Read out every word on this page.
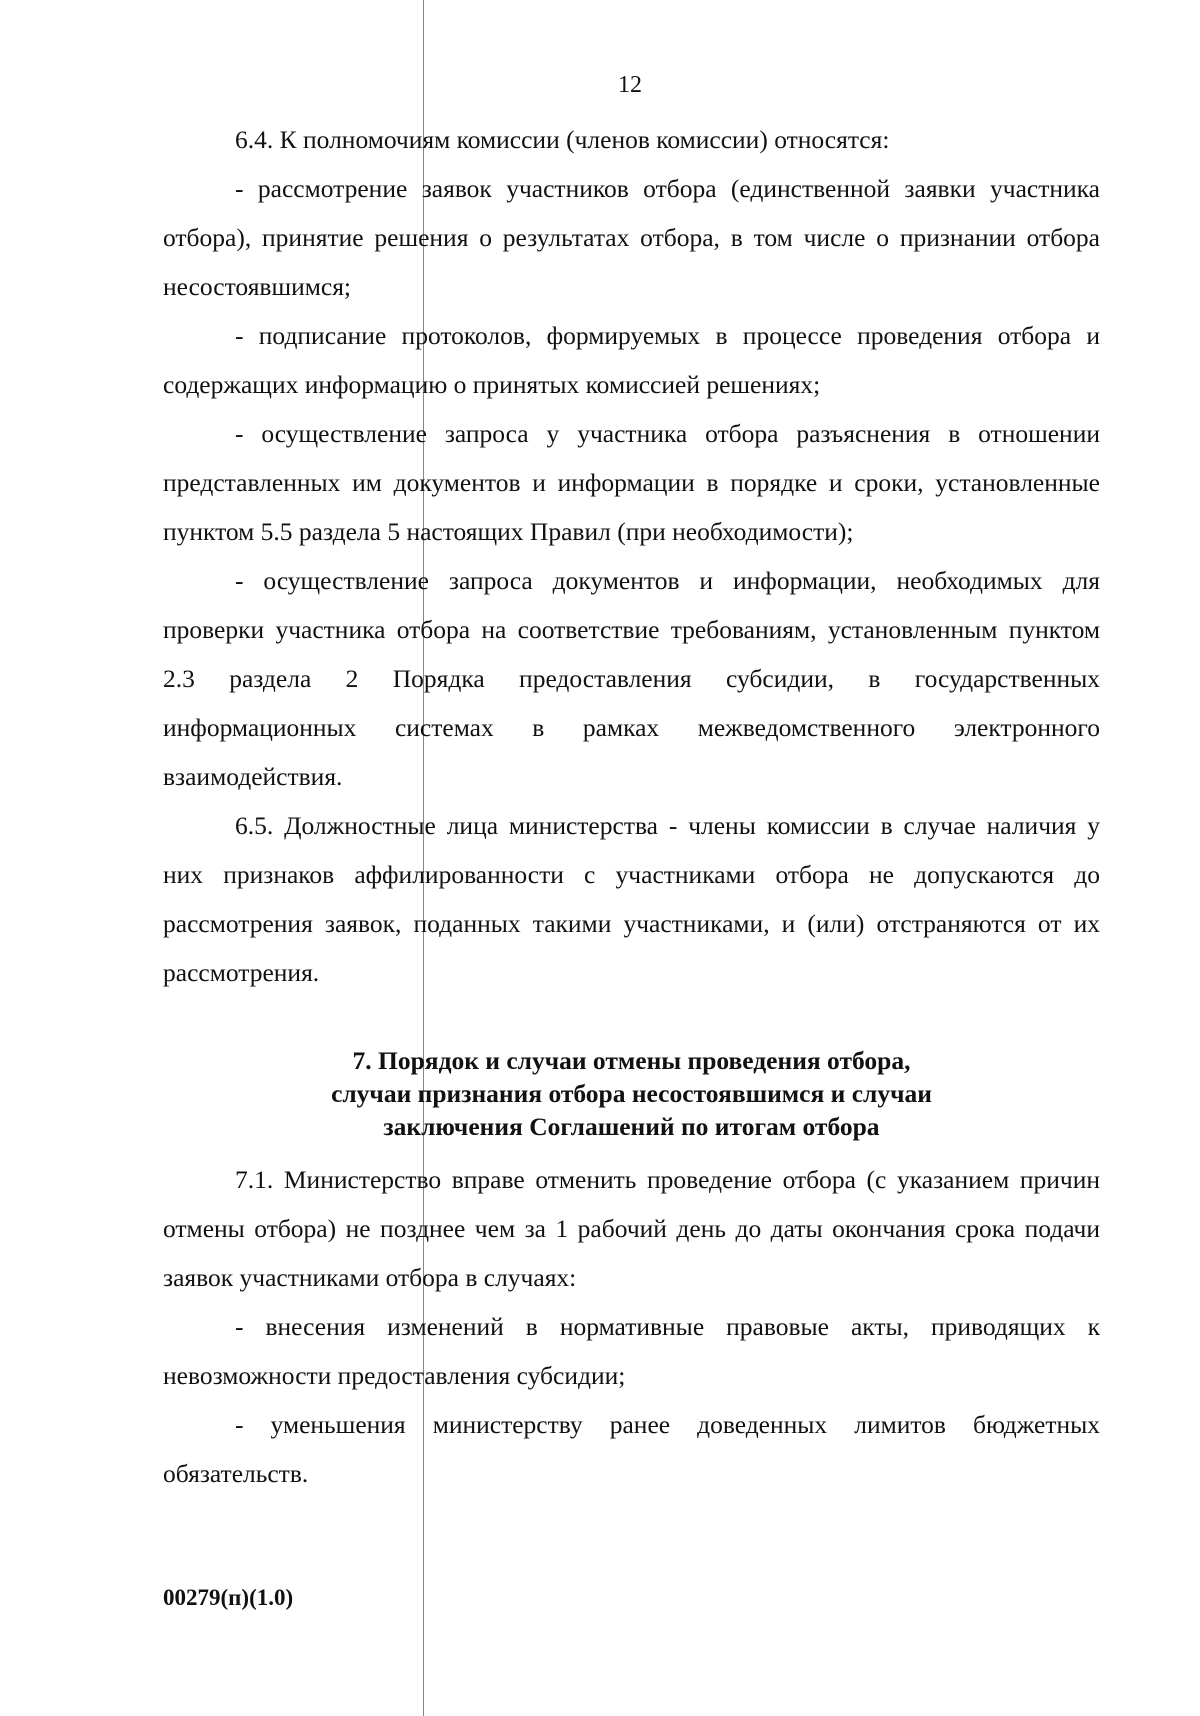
12

6.4. К полномочиям комиссии (членов комиссии) относятся:

- рассмотрение заявок участников отбора (единственной заявки участника отбора), принятие решения о результатах отбора, в том числе о признании отбора несостоявшимся;

- подписание протоколов, формируемых в процессе проведения отбора и содержащих информацию о принятых комиссией решениях;

- осуществление запроса у участника отбора разъяснения в отношении представленных им документов и информации в порядке и сроки, установленные пунктом 5.5 раздела 5 настоящих Правил (при необходимости);

- осуществление запроса документов и информации, необходимых для проверки участника отбора на соответствие требованиям, установленным пунктом 2.3 раздела 2 Порядка предоставления субсидии, в государственных информационных системах в рамках межведомственного электронного взаимодействия.

6.5. Должностные лица министерства - члены комиссии в случае наличия у них признаков аффилированности с участниками отбора не допускаются до рассмотрения заявок, поданных такими участниками, и (или) отстраняются от их рассмотрения.

7. Порядок и случаи отмены проведения отбора,
случаи признания отбора несостоявшимся и случаи
заключения Соглашений по итогам отбора

7.1. Министерство вправе отменить проведение отбора (с указанием причин отмены отбора) не позднее чем за 1 рабочий день до даты окончания срока подачи заявок участниками отбора в случаях:

- внесения изменений в нормативные правовые акты, приводящих к невозможности предоставления субсидии;

- уменьшения министерству ранее доведенных лимитов бюджетных обязательств.

00279(п)(1.0)
